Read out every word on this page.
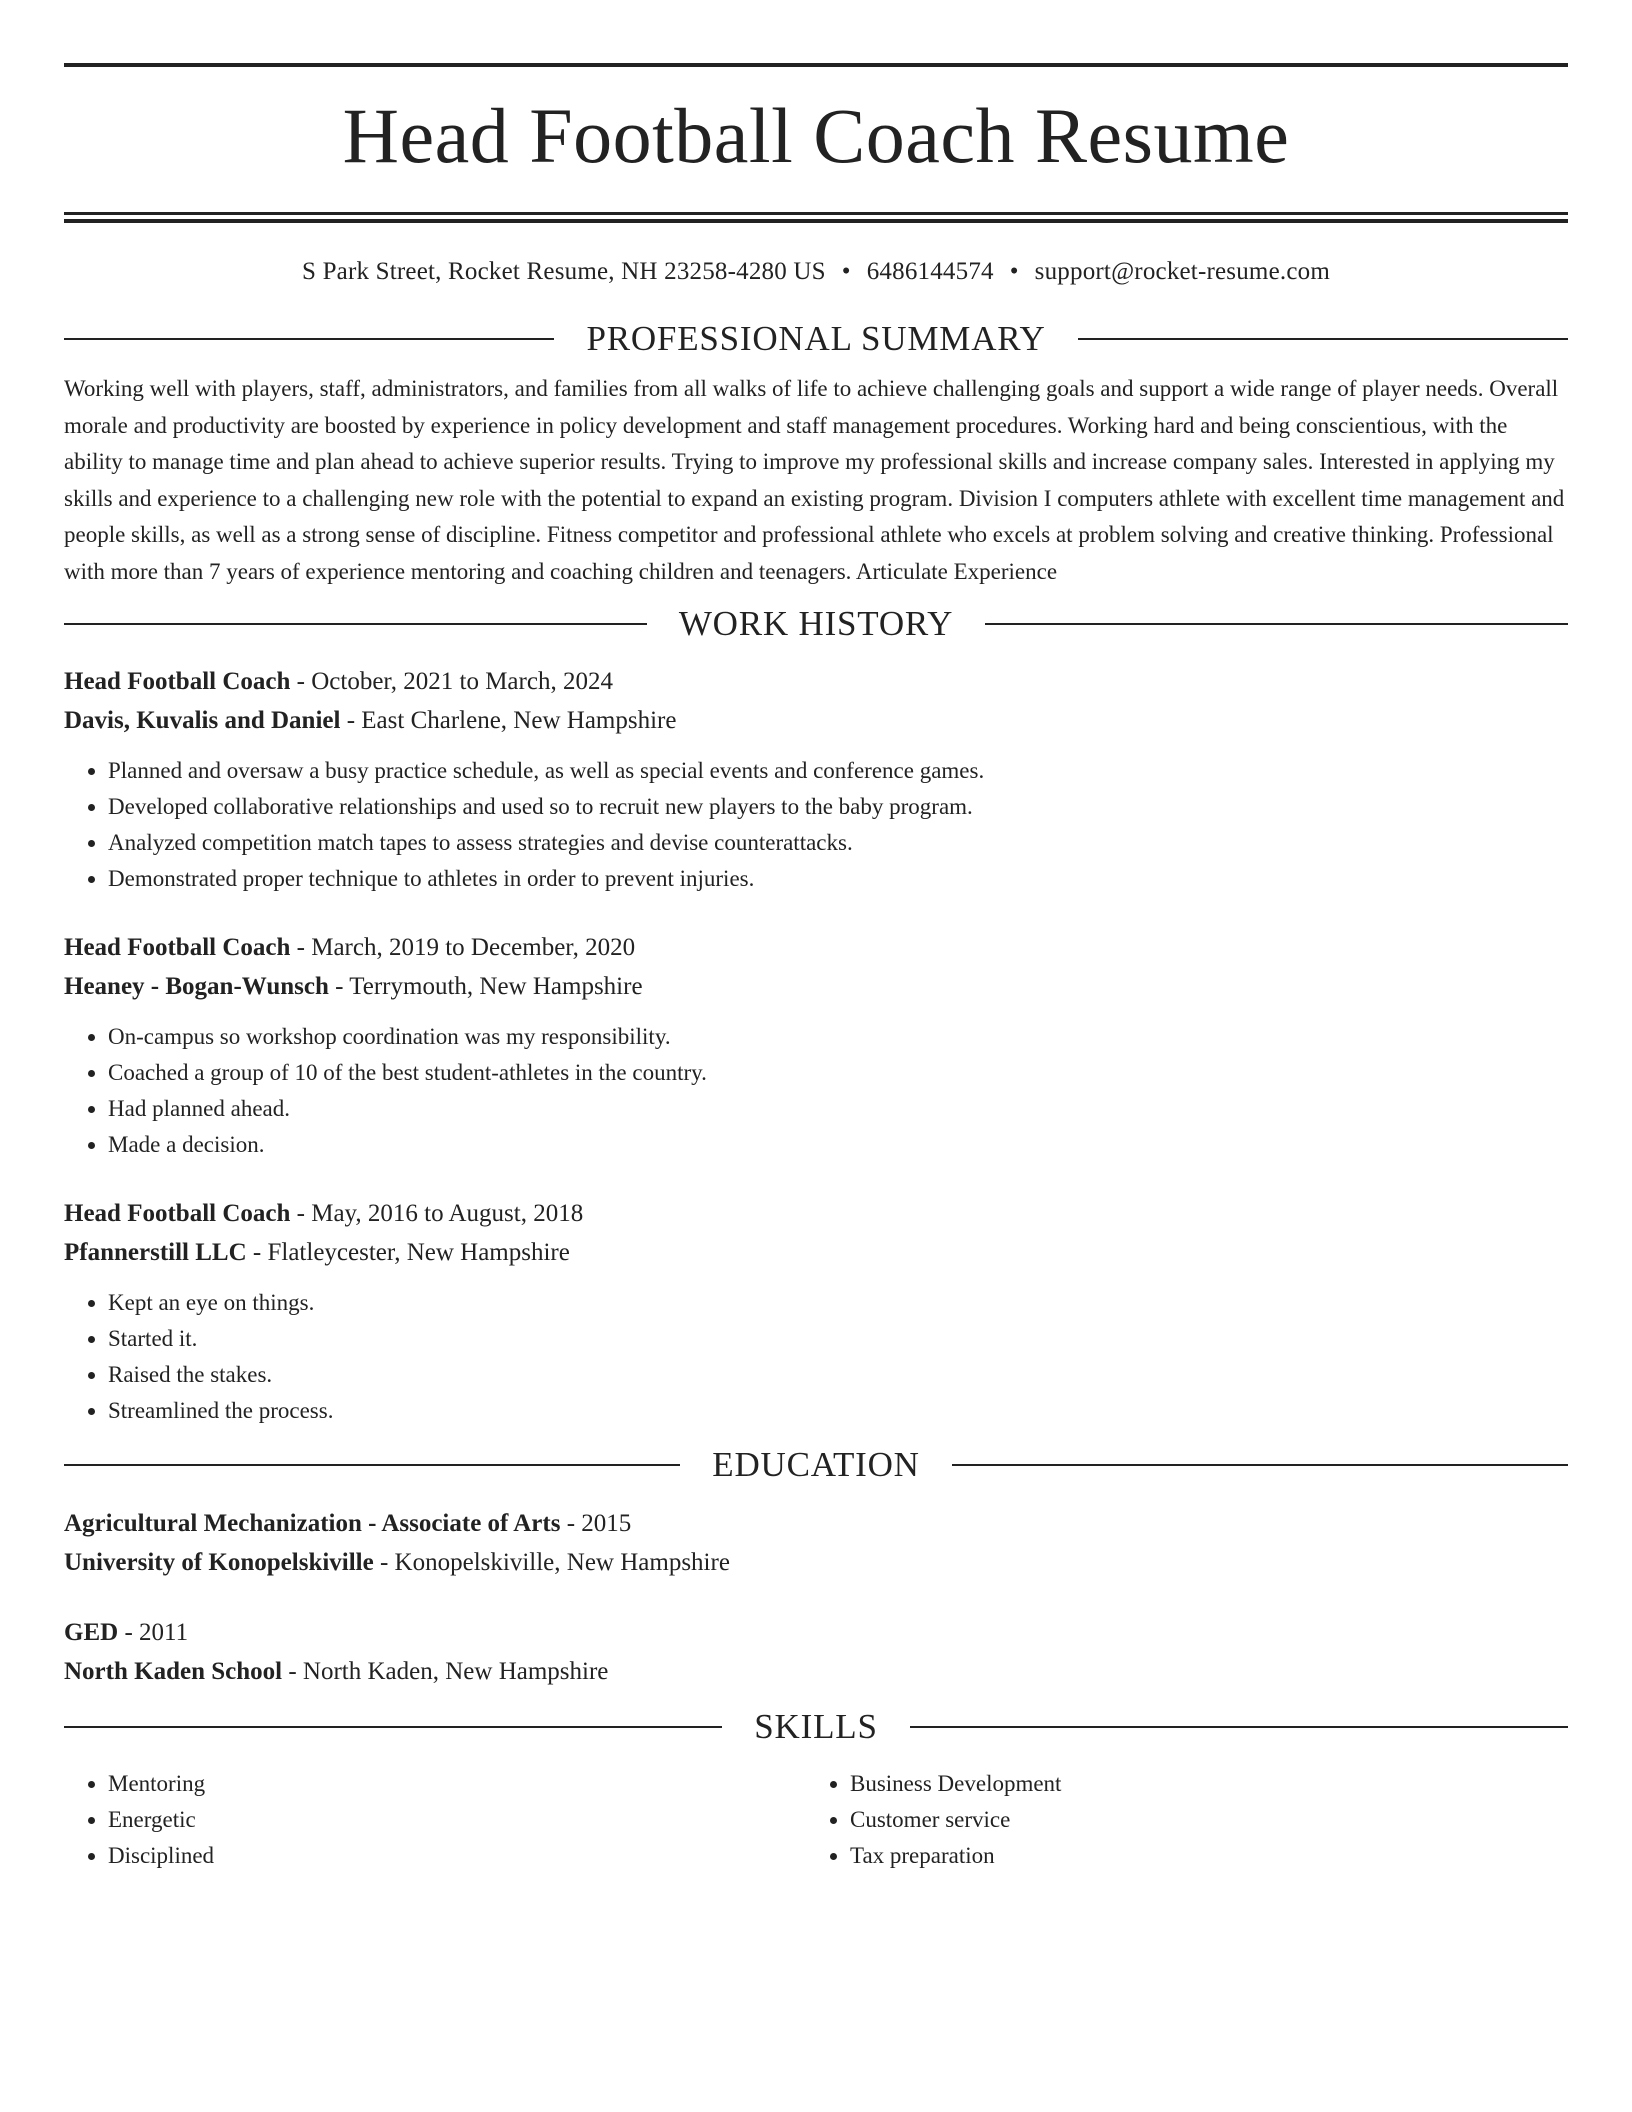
Head Football Coach Resume
S Park Street, Rocket Resume, NH 23258-4280 US • 6486144574 • support@rocket-resume.com
PROFESSIONAL SUMMARY
Working well with players, staff, administrators, and families from all walks of life to achieve challenging goals and support a wide range of player needs. Overall morale and productivity are boosted by experience in policy development and staff management procedures. Working hard and being conscientious, with the ability to manage time and plan ahead to achieve superior results. Trying to improve my professional skills and increase company sales. Interested in applying my skills and experience to a challenging new role with the potential to expand an existing program. Division I computers athlete with excellent time management and people skills, as well as a strong sense of discipline. Fitness competitor and professional athlete who excels at problem solving and creative thinking. Professional with more than 7 years of experience mentoring and coaching children and teenagers. Articulate Experience
WORK HISTORY
Head Football Coach - October, 2021 to March, 2024
Davis, Kuvalis and Daniel - East Charlene, New Hampshire
• Planned and oversaw a busy practice schedule, as well as special events and conference games.
• Developed collaborative relationships and used so to recruit new players to the baby program.
• Analyzed competition match tapes to assess strategies and devise counterattacks.
• Demonstrated proper technique to athletes in order to prevent injuries.
Head Football Coach - March, 2019 to December, 2020
Heaney - Bogan-Wunsch - Terrymouth, New Hampshire
• On-campus so workshop coordination was my responsibility.
• Coached a group of 10 of the best student-athletes in the country.
• Had planned ahead.
• Made a decision.
Head Football Coach - May, 2016 to August, 2018
Pfannerstill LLC - Flatleycester, New Hampshire
• Kept an eye on things.
• Started it.
• Raised the stakes.
• Streamlined the process.
EDUCATION
Agricultural Mechanization - Associate of Arts - 2015
University of Konopelskiville - Konopelskiville, New Hampshire
GED - 2011
North Kaden School - North Kaden, New Hampshire
SKILLS
• Mentoring
• Energetic
• Disciplined
• Business Development
• Customer service
• Tax preparation
